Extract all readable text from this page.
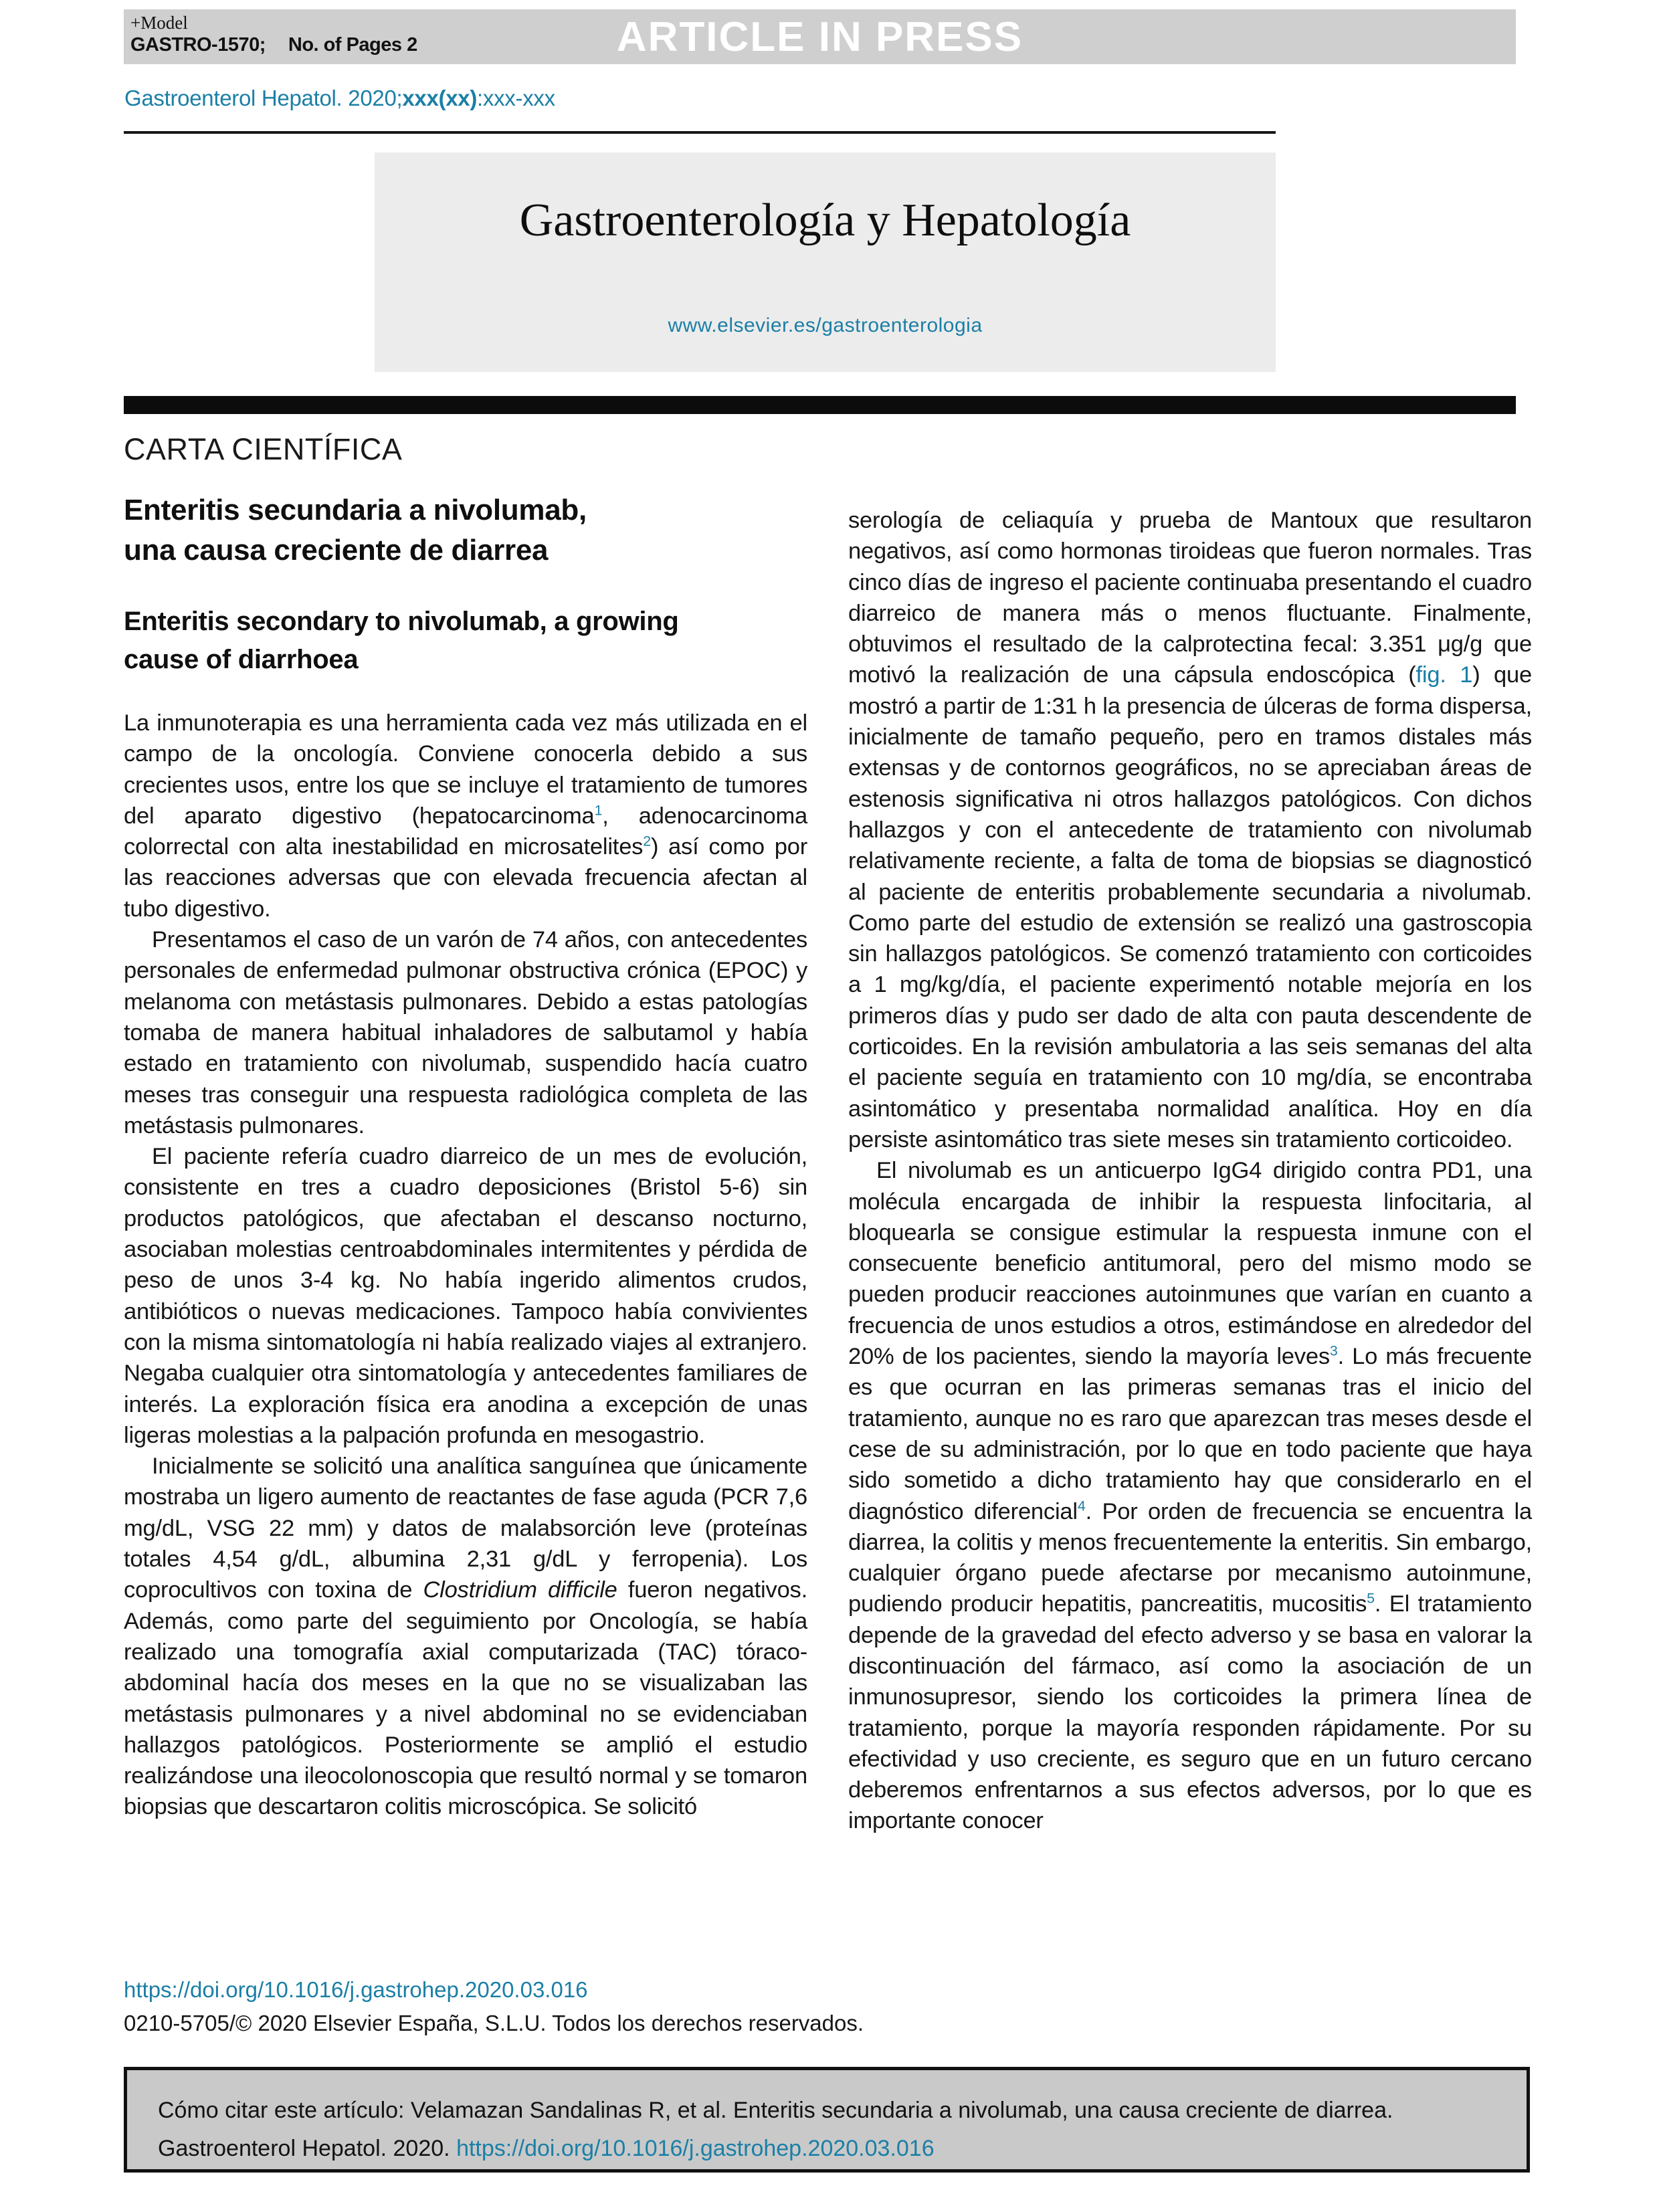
+Model
GASTRO-1570; No. of Pages 2	ARTICLE IN PRESS
Gastroenterol Hepatol. 2020;xxx(xx):xxx-xxx
Gastroenterología y Hepatología
www.elsevier.es/gastroenterologia
CARTA CIENTÍFICA
Enteritis secundaria a nivolumab,
una causa creciente de diarrea
Enteritis secondary to nivolumab, a growing
cause of diarrhoea

La inmunoterapia es una herramienta cada vez más utilizada en el campo de la oncología. Conviene conocerla debido a sus crecientes usos, entre los que se incluye el tratamiento de tumores del aparato digestivo (hepatocarcinoma$^1$, adenocarcinoma colorrectal con alta inestabilidad en microsatelites$^2$) así como por las reacciones adversas que con elevada frecuencia afectan al tubo digestivo.

Presentamos el caso de un varón de 74 años, con antecedentes personales de enfermedad pulmonar obstructiva crónica (EPOC) y melanoma con metástasis pulmonares. Debido a estas patologías tomaba de manera habitual inhaladores de salbutamol y había estado en tratamiento con nivolumab, suspendido hacía cuatro meses tras conseguir una respuesta radiológica completa de las metástasis pulmonares.

El paciente refería cuadro diarreico de un mes de evolución, consistente en tres a cuadro deposiciones (Bristol 5-6) sin productos patológicos, que afectaban el descanso nocturno, asociaban molestias centroabdominales intermitentes y pérdida de peso de unos 3-4 kg. No había ingerido alimentos crudos, antibióticos o nuevas medicaciones. Tampoco había convivientes con la misma sintomatología ni había realizado viajes al extranjero. Negaba cualquier otra sintomatología y antecedentes familiares de interés. La exploración física era anodina a excepción de unas ligeras molestias a la palpación profunda en mesogastrio.

Inicialmente se solicitó una analítica sanguínea que únicamente mostraba un ligero aumento de reactantes de fase aguda (PCR 7,6 mg/dL, VSG 22 mm) y datos de malabsorción leve (proteínas totales 4,54 g/dL, albumina 2,31 g/dL y ferropenia). Los coprocultivos con toxina de Clostridium difficile fueron negativos. Además, como parte del seguimiento por Oncología, se había realizado una tomografía axial computarizada (TAC) tóraco-abdominal hacía dos meses en la que no se visualizaban las metástasis pulmonares y a nivel abdominal no se evidenciaban hallazgos patológicos. Posteriormente se amplió el estudio realizándose una ileocolonoscopia que resultó normal y se tomaron biopsias que descartaron colitis microscópica. Se solicitó

serología de celiaquía y prueba de Mantoux que resultaron negativos, así como hormonas tiroideas que fueron normales. Tras cinco días de ingreso el paciente continuaba presentando el cuadro diarreico de manera más o menos fluctuante. Finalmente, obtuvimos el resultado de la calprotectina fecal: 3.351 μg/g que motivó la realización de una cápsula endoscópica (fig. 1) que mostró a partir de 1:31 h la presencia de úlceras de forma dispersa, inicialmente de tamaño pequeño, pero en tramos distales más extensas y de contornos geográficos, no se apreciaban áreas de estenosis significativa ni otros hallazgos patológicos. Con dichos hallazgos y con el antecedente de tratamiento con nivolumab relativamente reciente, a falta de toma de biopsias se diagnosticó al paciente de enteritis probablemente secundaria a nivolumab. Como parte del estudio de extensión se realizó una gastroscopia sin hallazgos patológicos. Se comenzó tratamiento con corticoides a 1 mg/kg/día, el paciente experimentó notable mejoría en los primeros días y pudo ser dado de alta con pauta descendente de corticoides. En la revisión ambulatoria a las seis semanas del alta el paciente seguía en tratamiento con 10 mg/día, se encontraba asintomático y presentaba normalidad analítica. Hoy en día persiste asintomático tras siete meses sin tratamiento corticoideo.

El nivolumab es un anticuerpo IgG4 dirigido contra PD1, una molécula encargada de inhibir la respuesta linfocitaria, al bloquearla se consigue estimular la respuesta inmune con el consecuente beneficio antitumoral, pero del mismo modo se pueden producir reacciones autoinmunes que varían en cuanto a frecuencia de unos estudios a otros, estimándose en alrededor del 20% de los pacientes, siendo la mayoría leves$^3$. Lo más frecuente es que ocurran en las primeras semanas tras el inicio del tratamiento, aunque no es raro que aparezcan tras meses desde el cese de su administración, por lo que en todo paciente que haya sido sometido a dicho tratamiento hay que considerarlo en el diagnóstico diferencial$^4$. Por orden de frecuencia se encuentra la diarrea, la colitis y menos frecuentemente la enteritis. Sin embargo, cualquier órgano puede afectarse por mecanismo autoinmune, pudiendo producir hepatitis, pancreatitis, mucositis$^5$. El tratamiento depende de la gravedad del efecto adverso y se basa en valorar la discontinuación del fármaco, así como la asociación de un inmunosupresor, siendo los corticoides la primera línea de tratamiento, porque la mayoría responden rápidamente. Por su efectividad y uso creciente, es seguro que en un futuro cercano deberemos enfrentarnos a sus efectos adversos, por lo que es importante conocer

https://doi.org/10.1016/j.gastrohep.2020.03.016
0210-5705/© 2020 Elsevier España, S.L.U. Todos los derechos reservados.
Cómo citar este artículo: Velamazan Sandalinas R, et al. Enteritis secundaria a nivolumab, una causa creciente de diarrea. Gastroenterol Hepatol. 2020. https://doi.org/10.1016/j.gastrohep.2020.03.016
